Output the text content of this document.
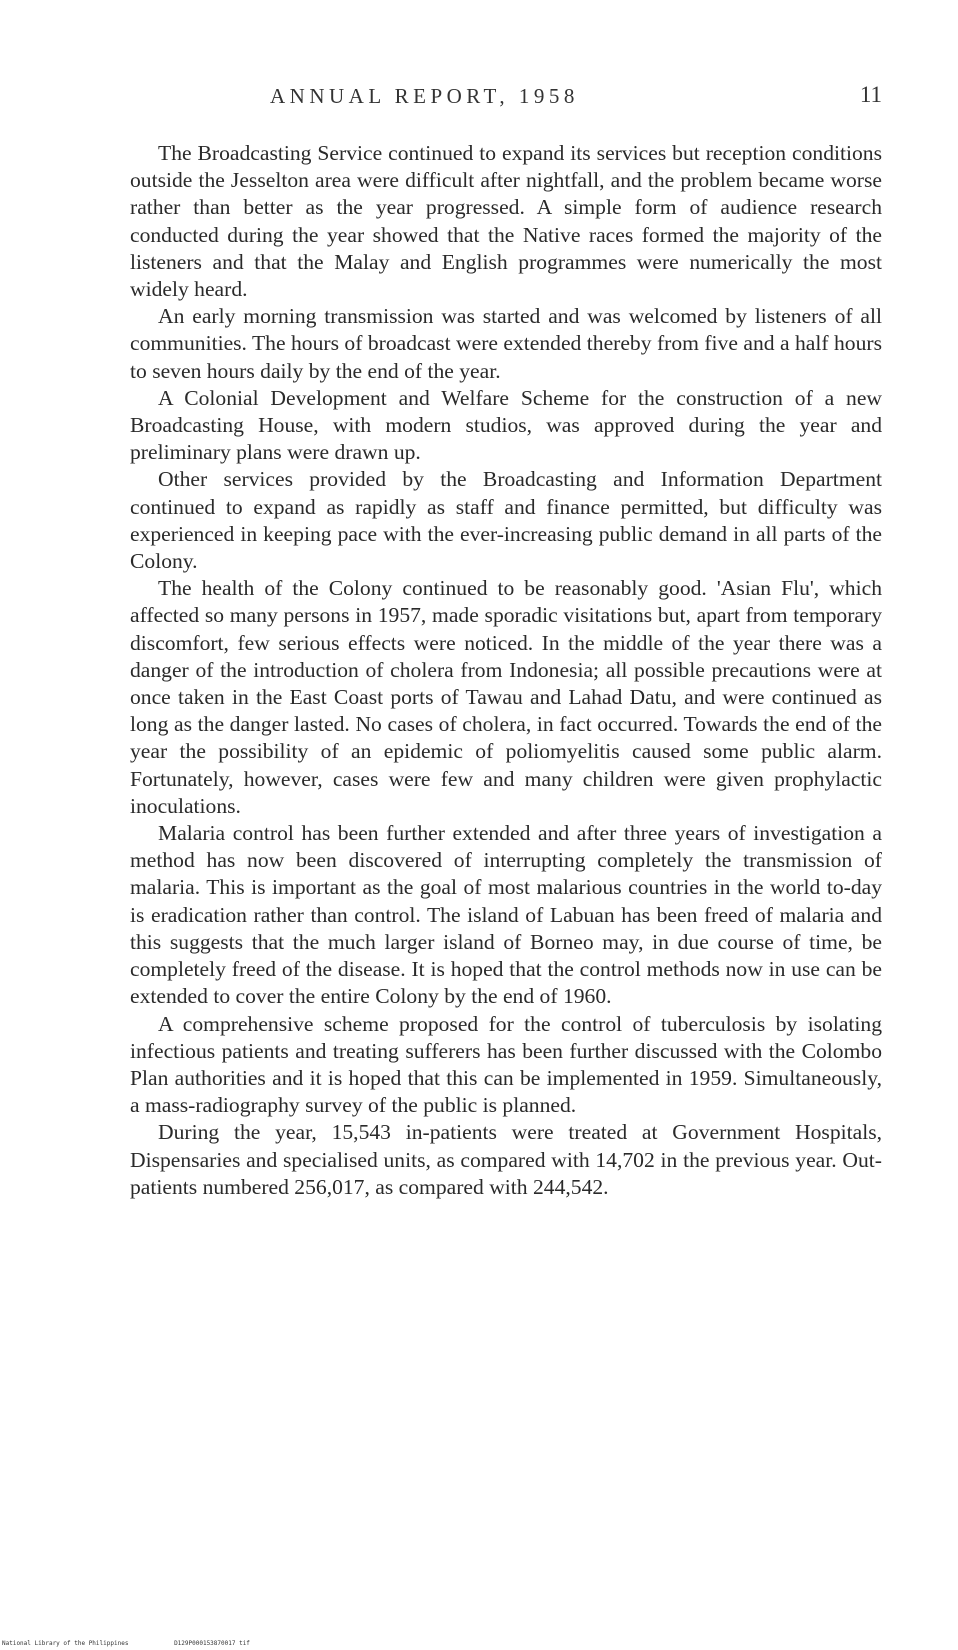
ANNUAL REPORT, 1958	11

The Broadcasting Service continued to expand its services but reception conditions outside the Jesselton area were difficult after nightfall, and the problem became worse rather than better as the year progressed. A simple form of audience research conducted during the year showed that the Native races formed the majority of the listeners and that the Malay and English programmes were numerically the most widely heard.

An early morning transmission was started and was welcomed by listeners of all communities. The hours of broadcast were extended thereby from five and a half hours to seven hours daily by the end of the year.

A Colonial Development and Welfare Scheme for the construction of a new Broadcasting House, with modern studios, was approved during the year and preliminary plans were drawn up.

Other services provided by the Broadcasting and Information Department continued to expand as rapidly as staff and finance permitted, but difficulty was experienced in keeping pace with the ever-increasing public demand in all parts of the Colony.

The health of the Colony continued to be reasonably good. 'Asian Flu', which affected so many persons in 1957, made sporadic visitations but, apart from temporary discomfort, few serious effects were noticed. In the middle of the year there was a danger of the introduction of cholera from Indonesia; all possible precautions were at once taken in the East Coast ports of Tawau and Lahad Datu, and were continued as long as the danger lasted. No cases of cholera, in fact occurred. Towards the end of the year the possibility of an epidemic of poliomyelitis caused some public alarm. Fortunately, however, cases were few and many children were given prophylactic inoculations.

Malaria control has been further extended and after three years of investigation a method has now been discovered of interrupting completely the transmission of malaria. This is important as the goal of most malarious countries in the world to-day is eradication rather than control. The island of Labuan has been freed of malaria and this suggests that the much larger island of Borneo may, in due course of time, be completely freed of the disease. It is hoped that the control methods now in use can be extended to cover the entire Colony by the end of 1960.

A comprehensive scheme proposed for the control of tuberculosis by isolating infectious patients and treating sufferers has been further discussed with the Colombo Plan authorities and it is hoped that this can be implemented in 1959. Simultaneously, a mass-radiography survey of the public is planned.

During the year, 15,543 in-patients were treated at Government Hospitals, Dispensaries and specialised units, as compared with 14,702 in the previous year. Out-patients numbered 256,017, as compared with 244,542.

National Library of the Philippines	D129P000153870017 tif
